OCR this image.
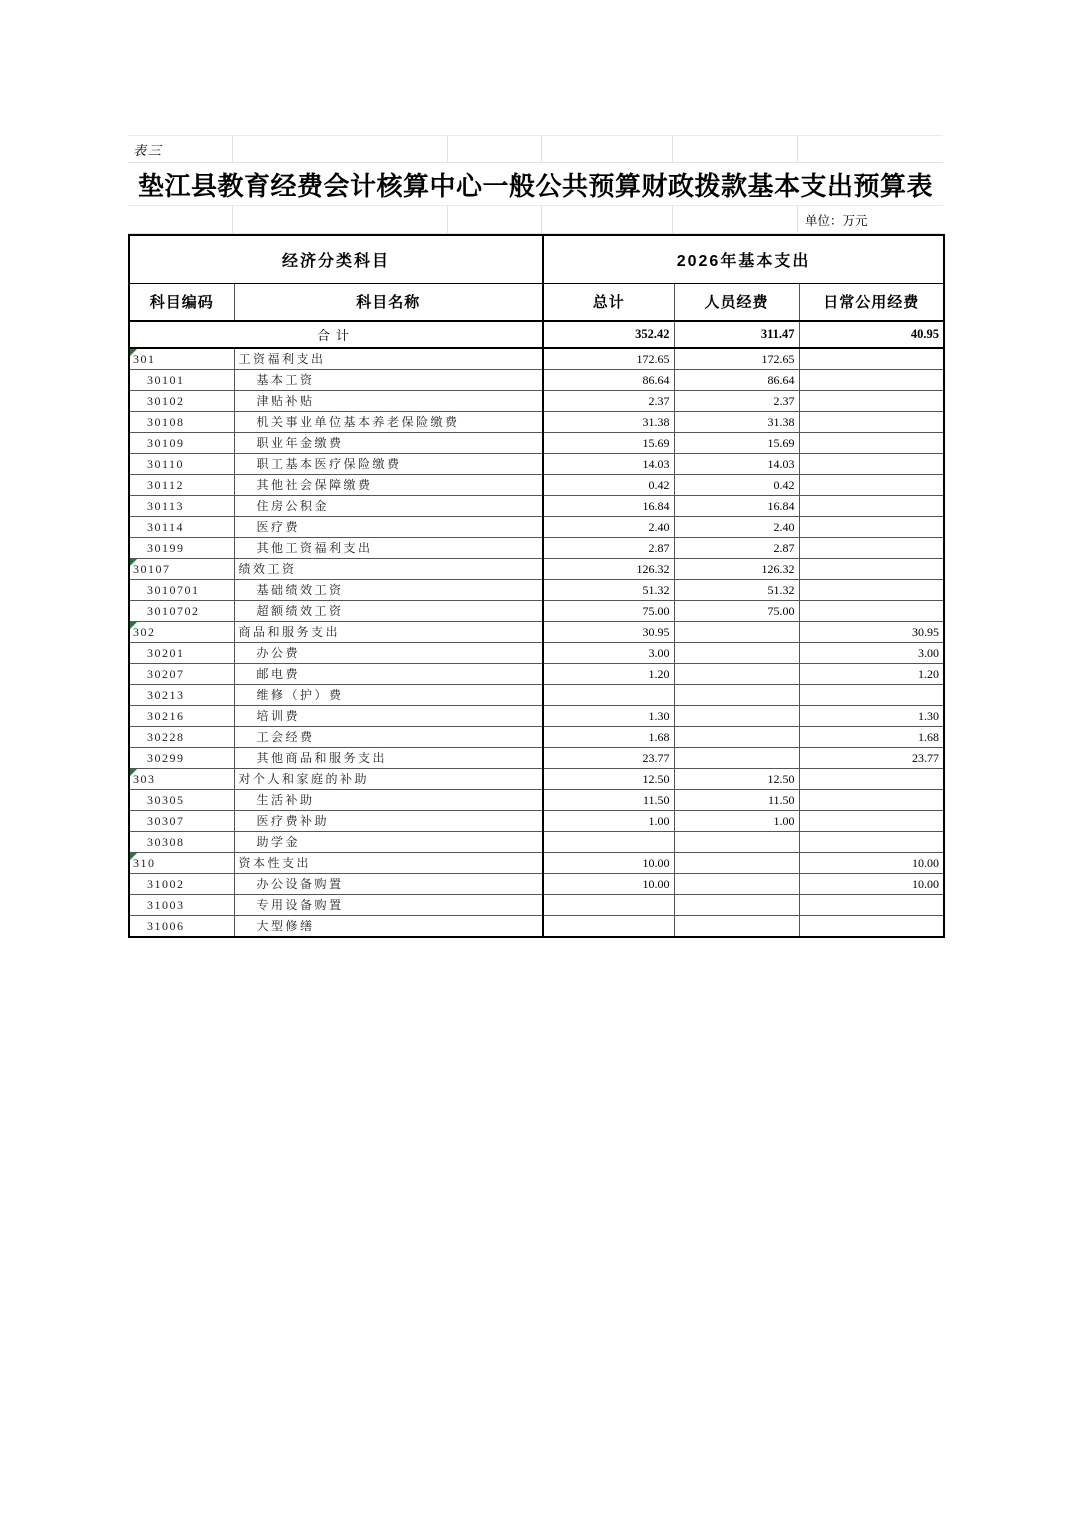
表三
垫江县教育经费会计核算中心一般公共预算财政拨款基本支出预算表
单位：万元
经济分类科目		2026年基本支出		
科目编码	科目名称	总计	人员经费	日常公用经费
合计		352.42	311.47	40.95

301	工资福利支出	172.65	172.65	
30101	基本工资	86.64	86.64	
30102	津贴补贴	2.37	2.37	
30108	机关事业单位基本养老保险缴费	31.38	31.38	
30109	职业年金缴费	15.69	15.69	
30110	职工基本医疗保险缴费	14.03	14.03	
30112	其他社会保障缴费	0.42	0.42	
30113	住房公积金	16.84	16.84	
30114	医疗费	2.40	2.40	
30199	其他工资福利支出	2.87	2.87	

30107	绩效工资	126.32	126.32	
3010701	基础绩效工资	51.32	51.32	
3010702	超额绩效工资	75.00	75.00	

302	商品和服务支出	30.95		30.95
30201	办公费	3.00		3.00
30207	邮电费	1.20		1.20
30213	维修（护）费			
30216	培训费	1.30		1.30
30228	工会经费	1.68		1.68
30299	其他商品和服务支出	23.77		23.77

303	对个人和家庭的补助	12.50	12.50	
30305	生活补助	11.50	11.50	
30307	医疗费补助	1.00	1.00	
30308	助学金			

310	资本性支出	10.00		10.00
31002	办公设备购置	10.00		10.00
31003	专用设备购置			
31006	大型修缮			
